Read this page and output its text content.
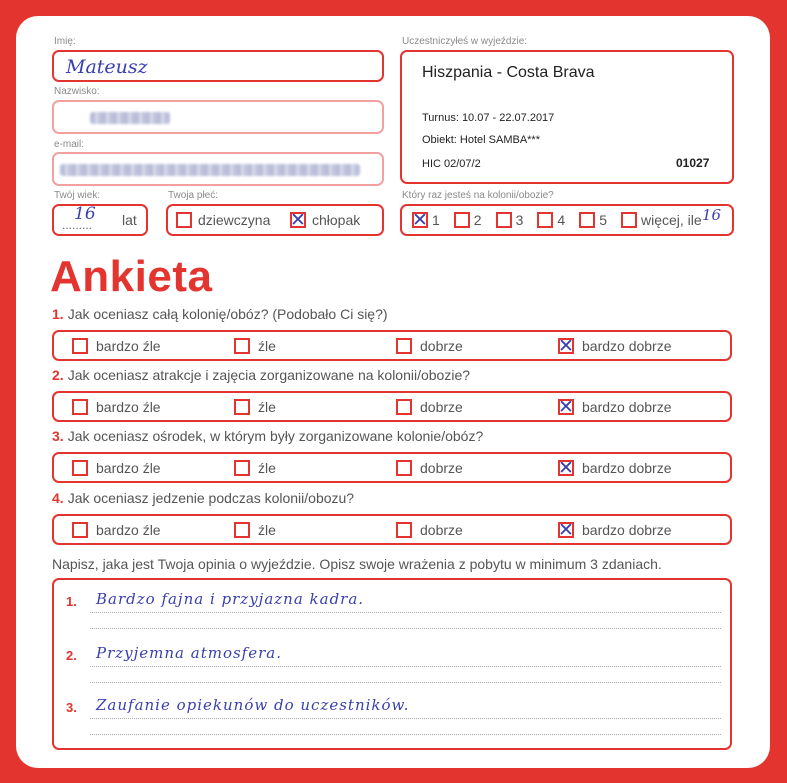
Imię:
Mateusz
Nazwisko:
e-mail:
Twój wiek:
.........
16 lat
Twoja płeć:
dziewczyna ✕	chłopak
Uczestniczyłeś w wyjeździe:
Hiszpania - Costa Brava
Turnus: 10.07 - 22.07.2017
Obiekt: Hotel SAMBA***
HIC 02/07/2	01027
Który raz jesteś na kolonii/obozie?
✕
1 2 3 4 5 więcej, ile 16
Ankieta
1. Jak oceniasz całą kolonię/obóz? (Podobało Ci się?)
bardzo źle	źle	dobrze ✕	bardzo dobrze
2. Jak oceniasz atrakcje i zajęcia zorganizowane na kolonii/obozie?
bardzo źle	źle	dobrze ✕	bardzo dobrze
3. Jak oceniasz ośrodek, w którym były zorganizowane kolonie/obóz?
bardzo źle	źle	dobrze ✕	bardzo dobrze
4. Jak oceniasz jedzenie podczas kolonii/obozu?
bardzo źle	źle	dobrze ✕	bardzo dobrze
Napisz, jaka jest Twoja opinia o wyjeździe. Opisz swoje wrażenia z pobytu w minimum 3 zdaniach.
1. Bardzo fajna i przyjazna kadra.
2. Przyjemna atmosfera.
3. Zaufanie opiekunów do uczestników.
